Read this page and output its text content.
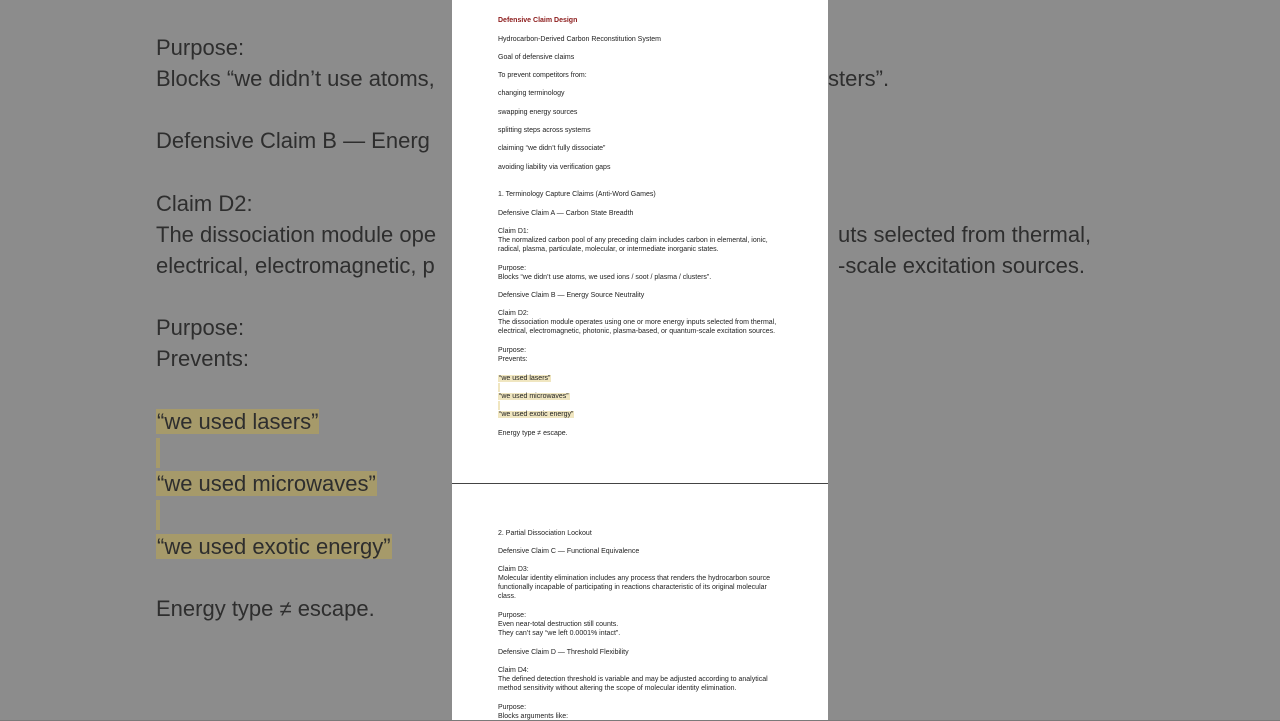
Purpose:
Blocks “we didn’t use atoms,	sters”.
Defensive Claim B — Energ
Claim D2:
The dissociation module ope	uts selected from thermal,
electrical, electromagnetic, p	-scale excitation sources.
Purpose:
Prevents:
“we used lasers”
“we used microwaves”
“we used exotic energy”
Energy type ≠ escape.
Defensive Claim Design
Hydrocarbon-Derived Carbon Reconstitution System
Goal of defensive claims
To prevent competitors from:
changing terminology
swapping energy sources
splitting steps across systems
claiming “we didn’t fully dissociate”
avoiding liability via verification gaps
1. Terminology Capture Claims (Anti-Word Games)
Defensive Claim A — Carbon State Breadth
Claim D1:
The normalized carbon pool of any preceding claim includes carbon in elemental, ionic,
radical, plasma, particulate, molecular, or intermediate inorganic states.
Purpose:
Blocks “we didn’t use atoms, we used ions / soot / plasma / clusters”.
Defensive Claim B — Energy Source Neutrality
Claim D2:
The dissociation module operates using one or more energy inputs selected from thermal,
electrical, electromagnetic, photonic, plasma-based, or quantum-scale excitation sources.
Purpose:
Prevents:
“we used lasers”
“we used microwaves”
“we used exotic energy”
Energy type ≠ escape.
2. Partial Dissociation Lockout
Defensive Claim C — Functional Equivalence
Claim D3:
Molecular identity elimination includes any process that renders the hydrocarbon source
functionally incapable of participating in reactions characteristic of its original molecular
class.
Purpose:
Even near-total destruction still counts.
They can’t say “we left 0.0001% intact”.
Defensive Claim D — Threshold Flexibility
Claim D4:
The defined detection threshold is variable and may be adjusted according to analytical
method sensitivity without altering the scope of molecular identity elimination.
Purpose:
Blocks arguments like:
